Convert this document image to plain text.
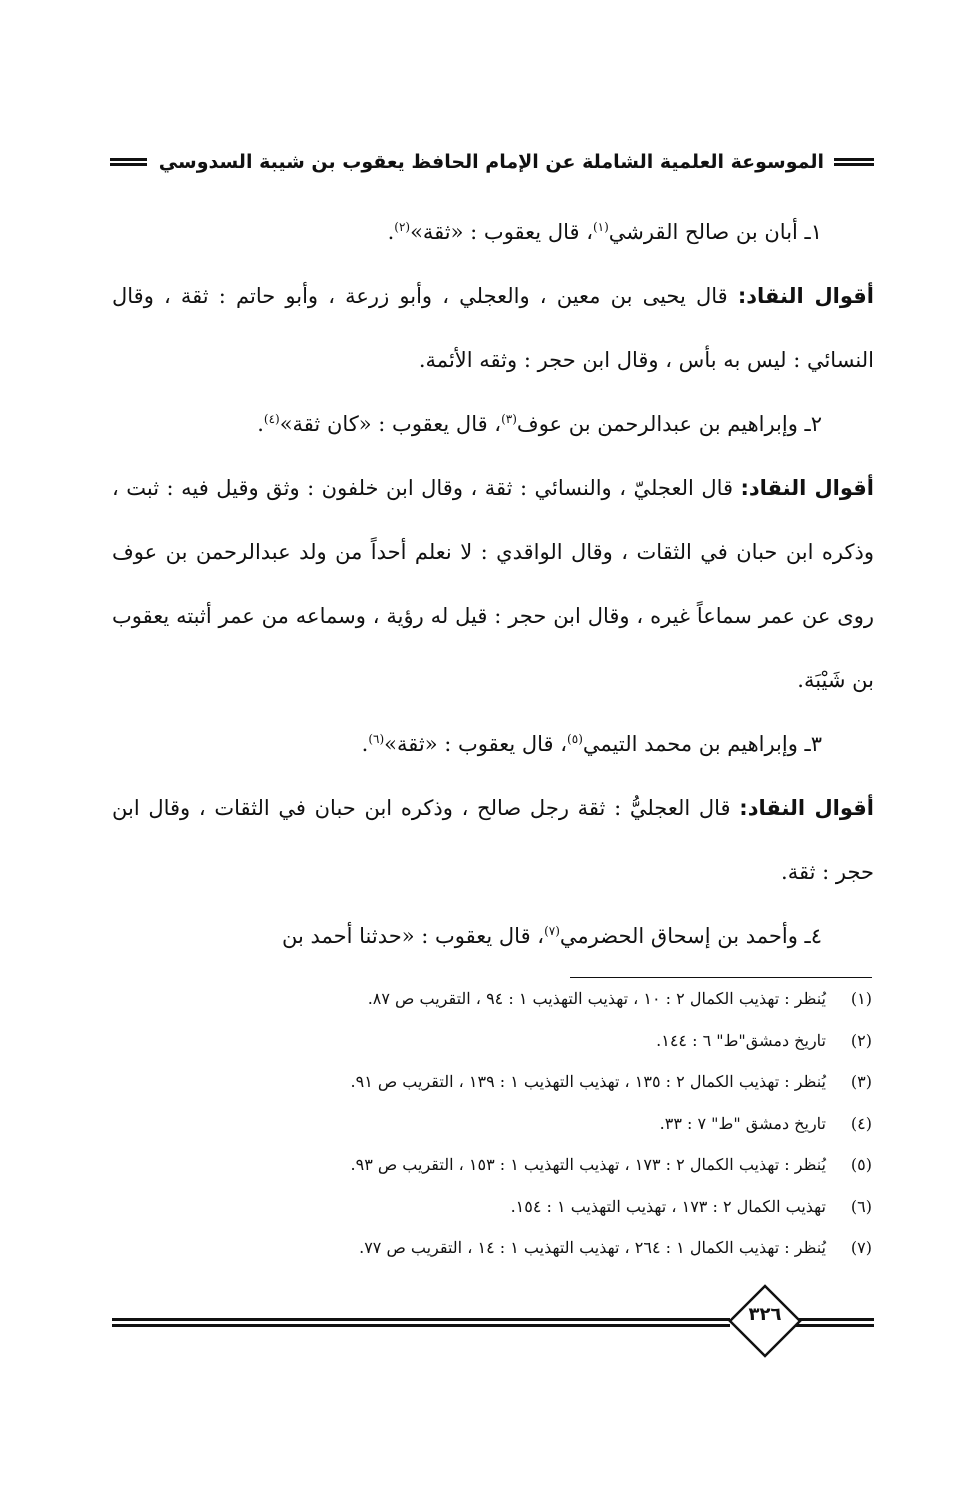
الموسوعة العلمية الشاملة عن الإمام الحافظ يعقوب بن شيبة السدوسي

١ـ أبان بن صالح القرشي$^{(١)}$، قال يعقوب : «ثقة»$^{(٢)}$.

أقوال النقاد: قال يحيى بن معين ، والعجلي ، وأبو زرعة ، وأبو حاتم : ثقة ، وقال النسائي : ليس به بأس ، وقال ابن حجر : وثقه الأئمة.

٢ـ وإبراهيم بن عبدالرحمن بن عوف$^{(٣)}$، قال يعقوب : «كان ثقة»$^{(٤)}$.

أقوال النقاد: قال العجليّ ، والنسائي : ثقة ، وقال ابن خلفون : وثق وقيل فيه : ثبت ، وذكره ابن حبان في الثقات ، وقال الواقدي : لا نعلم أحداً من ولد عبدالرحمن بن عوف روى عن عمر سماعاً غيره ، وقال ابن حجر : قيل له رؤية ، وسماعه من عمر أثبته يعقوب بن شَيْبَة.

٣ـ وإبراهيم بن محمد التيمي$^{(٥)}$، قال يعقوب : «ثقة»$^{(٦)}$.

أقوال النقاد: قال العجليُّ : ثقة رجل صالح ، وذكره ابن حبان في الثقات ، وقال ابن حجر : ثقة.

٤ـ وأحمد بن إسحاق الحضرمي$^{(٧)}$، قال يعقوب : «حدثنا أحمد بن

(١)
يُنظر : تهذيب الكمال ٢ : ١٠ ، تهذيب التهذيب ١ : ٩٤ ، التقريب ص ٨٧.
(٢)
تاريخ دمشق"ط" ٦ : ١٤٤.
(٣)
يُنظر : تهذيب الكمال ٢ : ١٣٥ ، تهذيب التهذيب ١ : ١٣٩ ، التقريب ص ٩١.
(٤)
تاريخ دمشق "ط" ٧ : ٣٣.
(٥)
يُنظر : تهذيب الكمال ٢ : ١٧٣ ، تهذيب التهذيب ١ : ١٥٣ ، التقريب ص ٩٣.
(٦)
تهذيب الكمال ٢ : ١٧٣ ، تهذيب التهذيب ١ : ١٥٤.
(٧)
يُنظر : تهذيب الكمال ١ : ٢٦٤ ، تهذيب التهذيب ١ : ١٤ ، التقريب ص ٧٧.
٣٢٦
